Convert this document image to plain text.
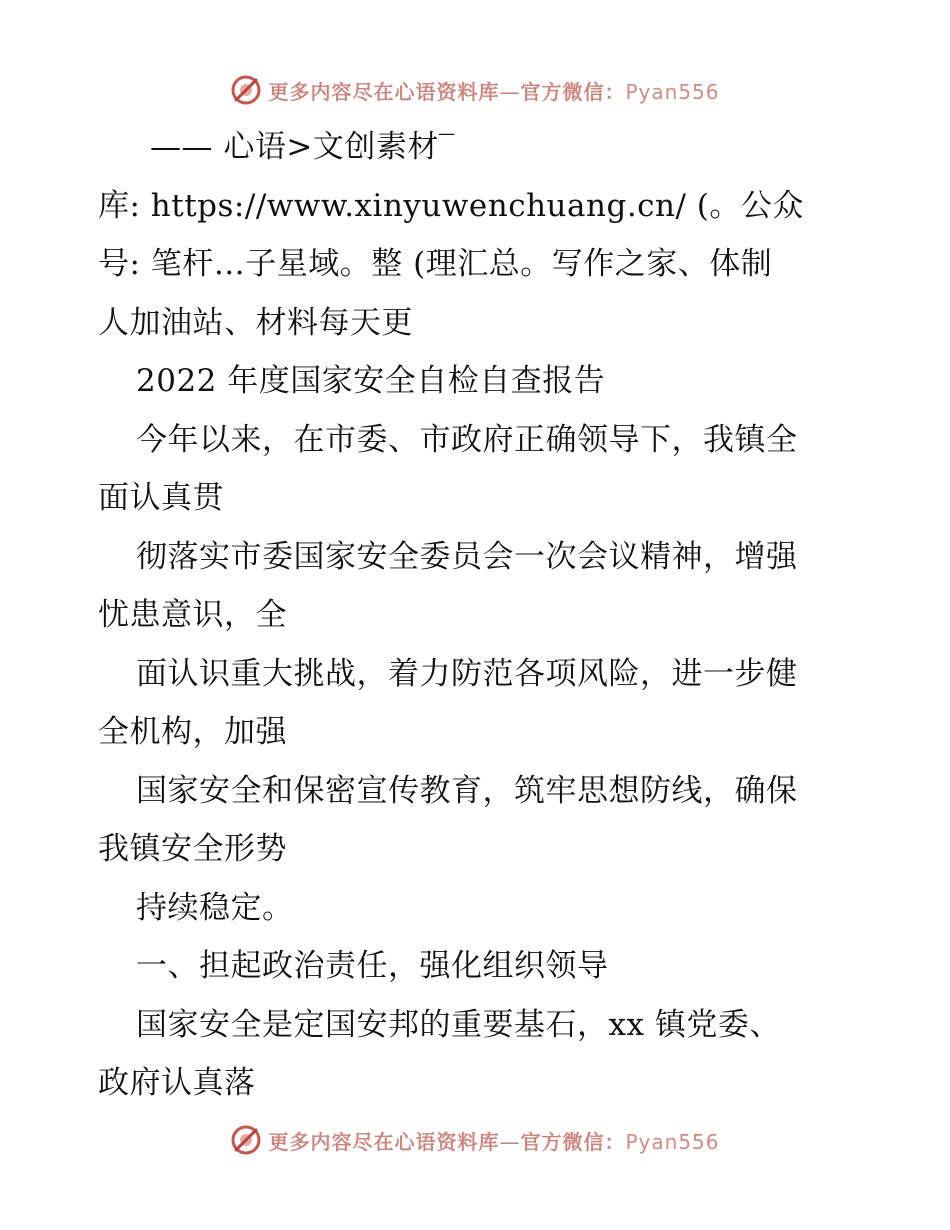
更多内容尽在心语资料库—官方微信：Pyan556
—— 心语>文创素材‾
库: https://www.xinyuwenchuang.cn/ (。公众
号: 笔杆…子星域。整 (理汇总。写作之家、体制
人加油站、材料每天更
2022 年度国家安全自检自查报告
今年以来，在市委、市政府正确领导下，我镇全
面认真贯
彻落实市委国家安全委员会一次会议精神，增强
忧患意识，全
面认识重大挑战，着力防范各项风险，进一步健
全机构，加强
国家安全和保密宣传教育，筑牢思想防线，确保
我镇安全形势
持续稳定。
一、担起政治责任，强化组织领导
国家安全是定国安邦的重要基石，xx 镇党委、
政府认真落
更多内容尽在心语资料库—官方微信：Pyan556
